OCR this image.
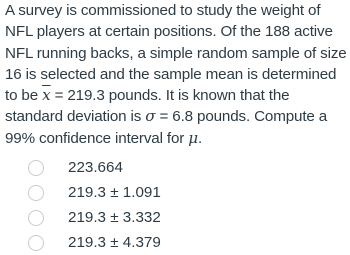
A survey is commissioned to study the weight of NFL players at certain positions. Of the 188 active NFL running backs, a simple random sample of size 16 is selected and the sample mean is determined to be $\overline{x} = 219.3$ pounds. It is known that the standard deviation is σ = 6.8 pounds. Compute a 99% confidence interval for μ.
223.664
219.3 ± 1.091
219.3 ± 3.332
219.3 ± 4.379
